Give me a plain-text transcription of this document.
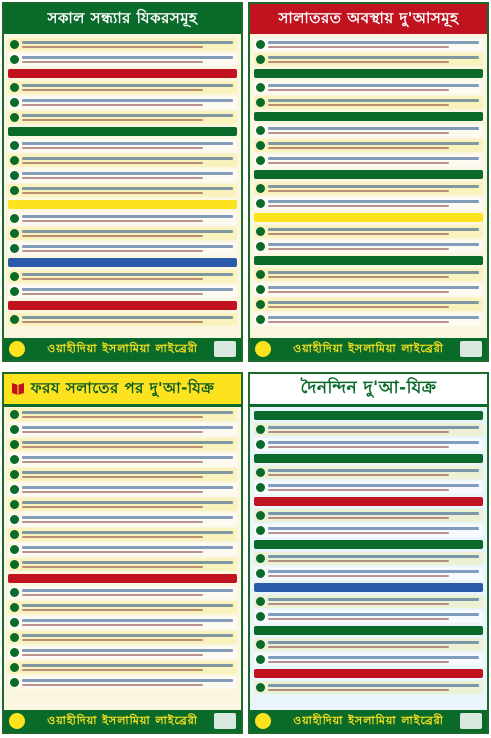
সকাল সন্ধ্যার যিকরসমূহ
ওয়াহীদিয়া ইসলামিয়া লাইব্রেরী
সালাতরত অবস্থায় দু'আসমূহ
ওয়াহীদিয়া ইসলামিয়া লাইব্রেরী
ফরয সলাতের পর দু'আ-যিক্র
ওয়াহীদিয়া ইসলামিয়া লাইব্রেরী
দৈনন্দিন দু'আ-যিক্র
ওয়াহীদিয়া ইসলামিয়া লাইব্রেরী
